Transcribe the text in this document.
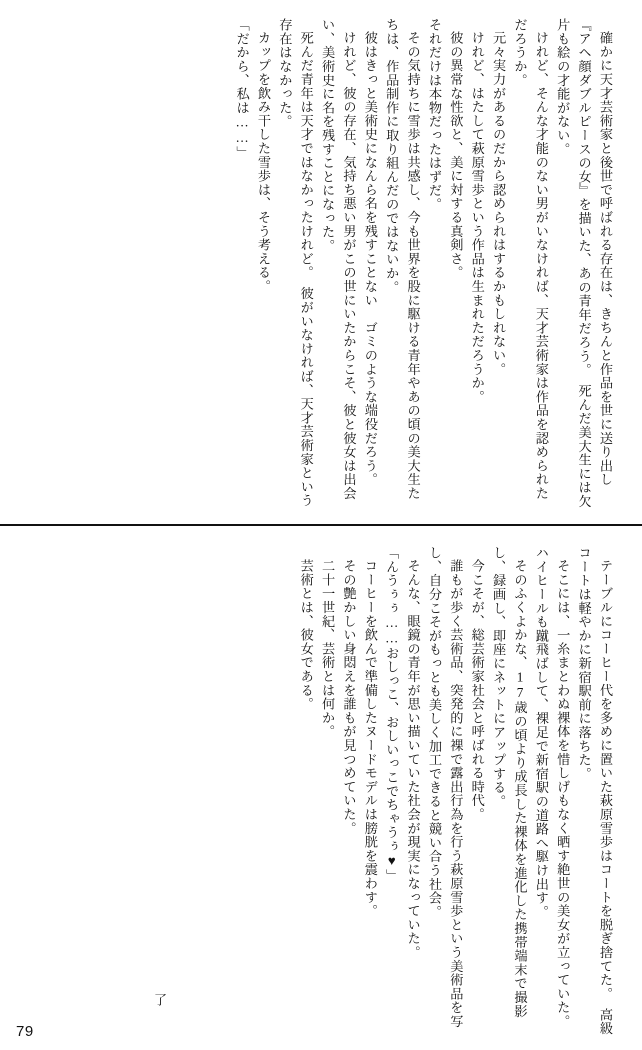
確かに天才芸術家と後世で呼ばれる存在は、きちんと作品を世に送り出し『アヘ顔ダブルピースの女』を描いた、あの青年だろう。　死んだ美大生には欠片も絵の才能がない。

けれど、そんな才能のない男がいなければ、天才芸術家は作品を認められただろうか。

元々実力があるのだから認められはするかもしれない。

けれど、はたして萩原雪歩という作品は生まれただろうか。

彼の異常な性欲と、美に対する真剣さ。

それだけは本物だったはずだ。

その気持ちに雪歩は共感し、今も世界を股に駆ける青年やあの頃の美大生たちは、作品制作に取り組んだのではないか。

彼はきっと美術史になんら名を残すことない　ゴミのような端役だろう。

けれど、彼の存在、気持ち悪い男がこの世にいたからこそ、彼と彼女は出会い、美術史に名を残すことになった。

死んだ青年は天才ではなかったけれど。　彼がいなければ、天才芸術家という存在はなかった。

カップを飲み干した雪歩は、そう考える。

「だから、私は……」

テーブルにコーヒー代を多めに置いた萩原雪歩はコートを脱ぎ捨てた。　高級コートは軽やかに新宿駅前に落ちた。

そこには、一糸まとわぬ裸体を惜しげもなく晒す絶世の美女が立っていた。　ハイヒールも蹴飛ばして、裸足で新宿駅の道路へ駆け出す。

そのふくよかな、17歳の頃より成長した裸体を進化した携帯端末で撮影し、録画し、即座にネットにアップする。

今こそが、総芸術家社会と呼ばれる時代。

誰もが歩く芸術品、突発的に裸で露出行為を行う萩原雪歩という美術品を写し、自分こそがもっとも美しく加工できると競い合う社会。

そんな、眼鏡の青年が思い描いていた社会が現実になっていた。

「んうぅぅ……おしっこ、おしいっこでちゃうぅ♥」

コーヒーを飲んで準備したヌードモデルは膀胱を震わす。

その艶かしい身悶えを誰もが見つめていた。

二十一世紀、芸術とは何か。

芸術とは、彼女である。

了
79
